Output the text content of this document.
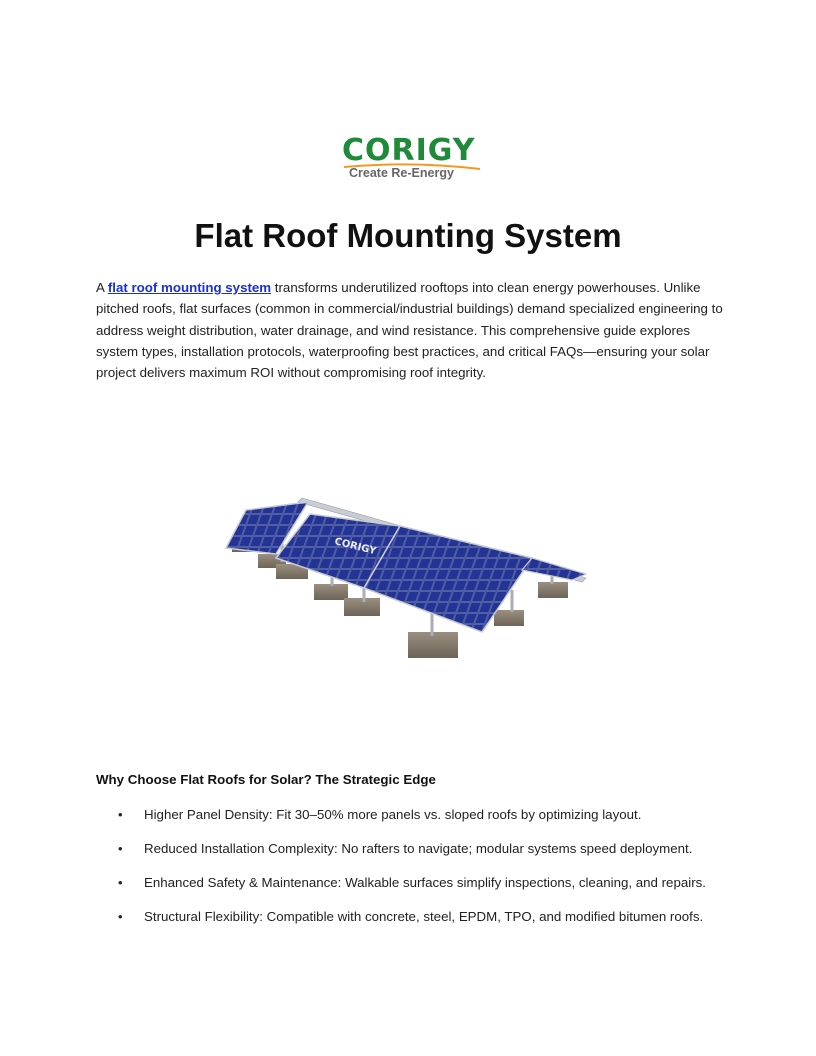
CORIGY
Create Re-Energy
Flat Roof Mounting System

A flat roof mounting system transforms underutilized rooftops into clean energy powerhouses. Unlike pitched roofs, flat surfaces (common in commercial/industrial buildings) demand specialized engineering to address weight distribution, water drainage, and wind resistance. This comprehensive guide explores system types, installation protocols, waterproofing best practices, and critical FAQs—ensuring your solar project delivers maximum ROI without compromising roof integrity.

CORIGY
Why Choose Flat Roofs for Solar? The Strategic Edge
• Higher Panel Density: Fit 30–50% more panels vs. sloped roofs by optimizing layout.
• Reduced Installation Complexity: No rafters to navigate; modular systems speed deployment.
• Enhanced Safety & Maintenance: Walkable surfaces simplify inspections, cleaning, and repairs.
• Structural Flexibility: Compatible with concrete, steel, EPDM, TPO, and modified bitumen roofs.
